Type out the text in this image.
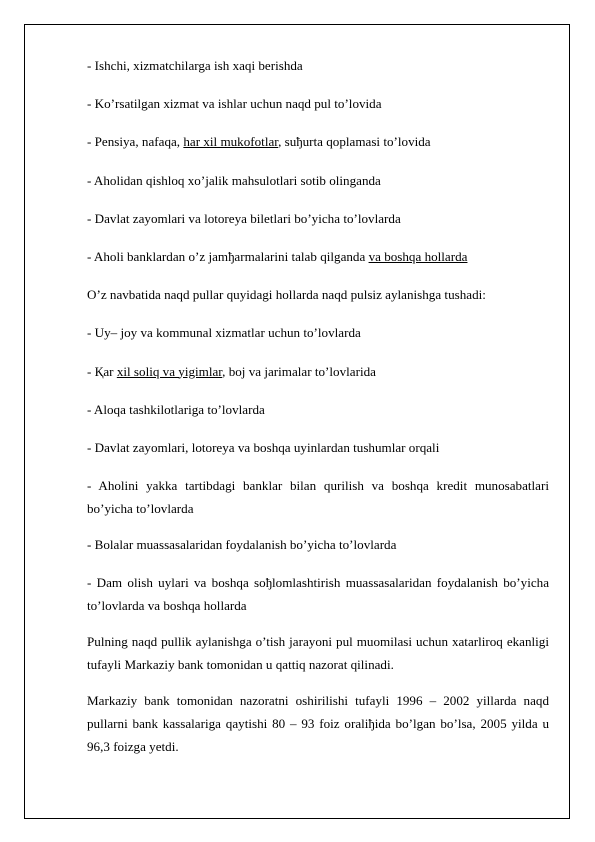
- Ishchi, xizmatchilarga ish xaqi berishda

- Ko’rsatilgan xizmat va ishlar uchun naqd pul to’lovida

- Pensiya, nafaqa, har xil mukofotlar, suђurta qoplamasi to’lovida

- Aholidan qishloq xo’jalik mahsulotlari sotib olinganda

- Davlat zayomlari va lotoreya biletlari bo’yicha to’lovlarda

- Aholi banklardan o’z jamђarmalarini talab qilganda va boshqa hollarda

O’z navbatida naqd pullar quyidagi hollarda naqd pulsiz aylanishga tushadi:

- Uy– joy va kommunal xizmatlar uchun to’lovlarda

- Қar xil soliq va yigimlar, boj va jarimalar to’lovlarida

- Aloqa tashkilotlariga to’lovlarda

- Davlat zayomlari, lotoreya va boshqa uyinlardan tushumlar orqali

- Aholini yakka tartibdagi banklar bilan qurilish va boshqa kredit munosabatlari bo’yicha to’lovlarda

- Bolalar muassasalaridan foydalanish bo’yicha to’lovlarda

- Dam olish uylari va boshqa soђlomlashtirish muassasalaridan foydalanish bo’yicha to’lovlarda va boshqa hollarda

Pulning naqd pullik aylanishga o’tish jarayoni pul muomilasi uchun xatarliroq ekanligi tufayli Markaziy bank tomonidan u qattiq nazorat qilinadi.

Markaziy bank tomonidan nazoratni oshirilishi tufayli 1996 – 2002 yillarda naqd pullarni bank kassalariga qaytishi 80 – 93 foiz oraliђida bo’lgan bo’lsa, 2005 yilda u 96,3 foizga yetdi.
